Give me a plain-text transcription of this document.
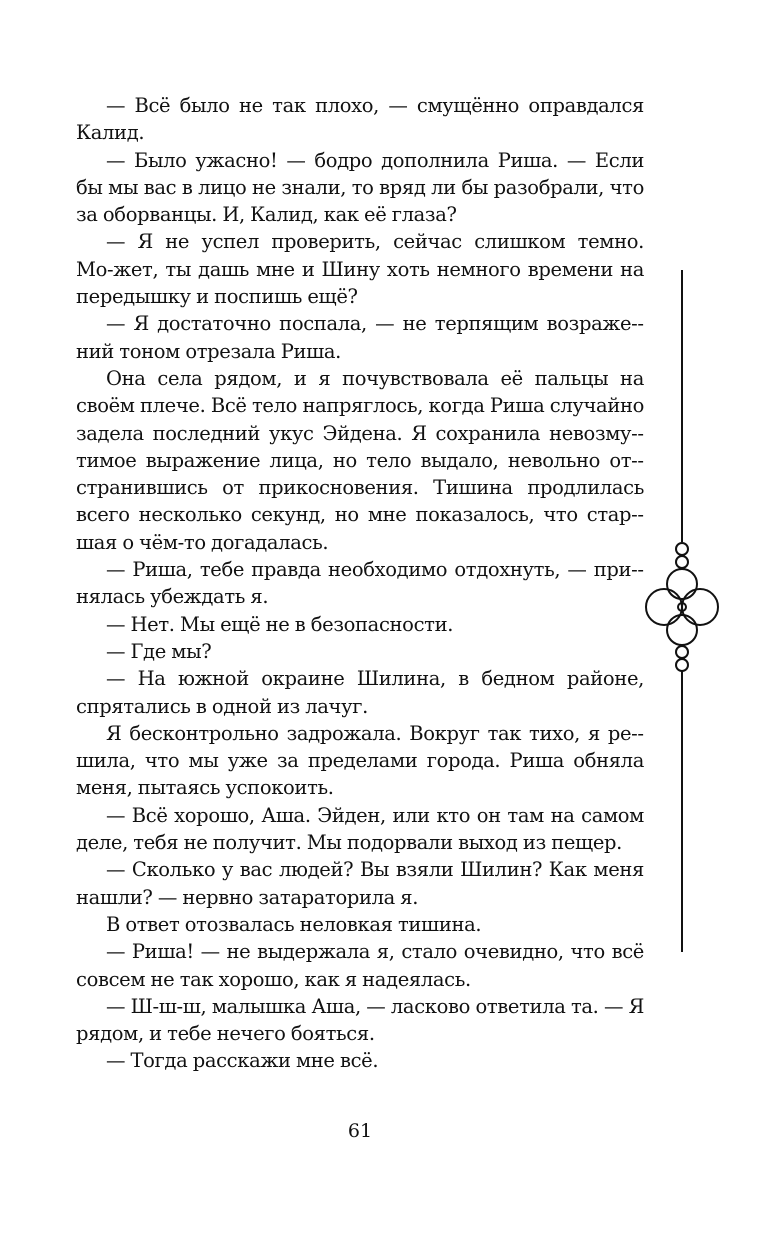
— Всё было не так плохо, — смущённо оправдался Калид.

— Было ужасно! — бодро дополнила Риша. — Если бы мы вас в лицо не знали, то вряд ли бы разобрали, что за оборванцы. И, Калид, как её глаза?

— Я не успел проверить, сейчас слишком темно. Мо-жет, ты дашь мне и Шину хоть немного времени на передышку и поспишь ещё?

— Я достаточно поспала, — не терпящим возраже-ний тоном отрезала Риша.

Она села рядом, и я почувствовала её пальцы на своём плече. Всё тело напряглось, когда Риша случайно задела последний укус Эйдена. Я сохранила невозму-тимое выражение лица, но тело выдало, невольно от-странившись от прикосновения. Тишина продлилась всего несколько секунд, но мне показалось, что стар-шая о чём-то догадалась.

— Риша, тебе правда необходимо отдохнуть, — при-нялась убеждать я.

— Нет. Мы ещё не в безопасности.

— Где мы?

— На южной окраине Шилина, в бедном районе, спрятались в одной из лачуг.

Я бесконтрольно задрожала. Вокруг так тихо, я ре-шила, что мы уже за пределами города. Риша обняла меня, пытаясь успокоить.

— Всё хорошо, Аша. Эйден, или кто он там на самом деле, тебя не получит. Мы подорвали выход из пещер.

— Сколько у вас людей? Вы взяли Шилин? Как меня нашли? — нервно затараторила я.

В ответ отозвалась неловкая тишина.

— Риша! — не выдержала я, стало очевидно, что всё совсем не так хорошо, как я надеялась.

— Ш-ш-ш, малышка Аша, — ласково ответила та. — Я рядом, и тебе нечего бояться.

— Тогда расскажи мне всё.

61
